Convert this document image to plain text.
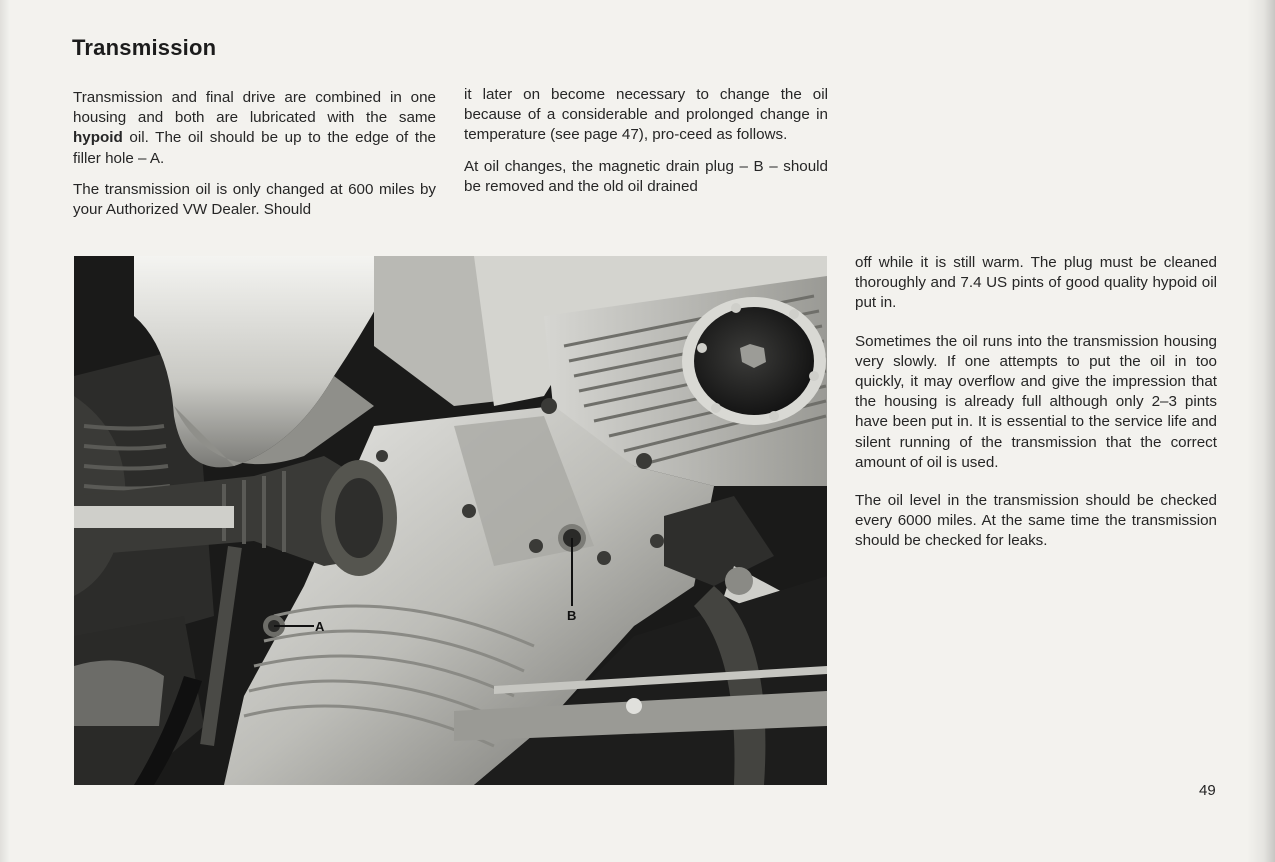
Transmission

Transmission and final drive are combined in one housing and both are lubricated with the same hypoid oil. The oil should be up to the edge of the filler hole – A.

The transmission oil is only changed at 600 miles by your Authorized VW Dealer. Should

it later on become necessary to change the oil because of a considerable and prolonged change in temperature (see page 47), pro-ceed as follows.

At oil changes, the magnetic drain plug – B – should be removed and the old oil drained

off while it is still warm. The plug must be cleaned thoroughly and 7.4 US pints of good quality hypoid oil put in.

Sometimes the oil runs into the transmission housing very slowly. If one attempts to put the oil in too quickly, it may overflow and give the impression that the housing is already full although only 2–3 pints have been put in. It is essential to the service life and silent running of the transmission that the correct amount of oil is used.

The oil level in the transmission should be checked every 6000 miles. At the same time the transmission should be checked for leaks.

B
A
49
